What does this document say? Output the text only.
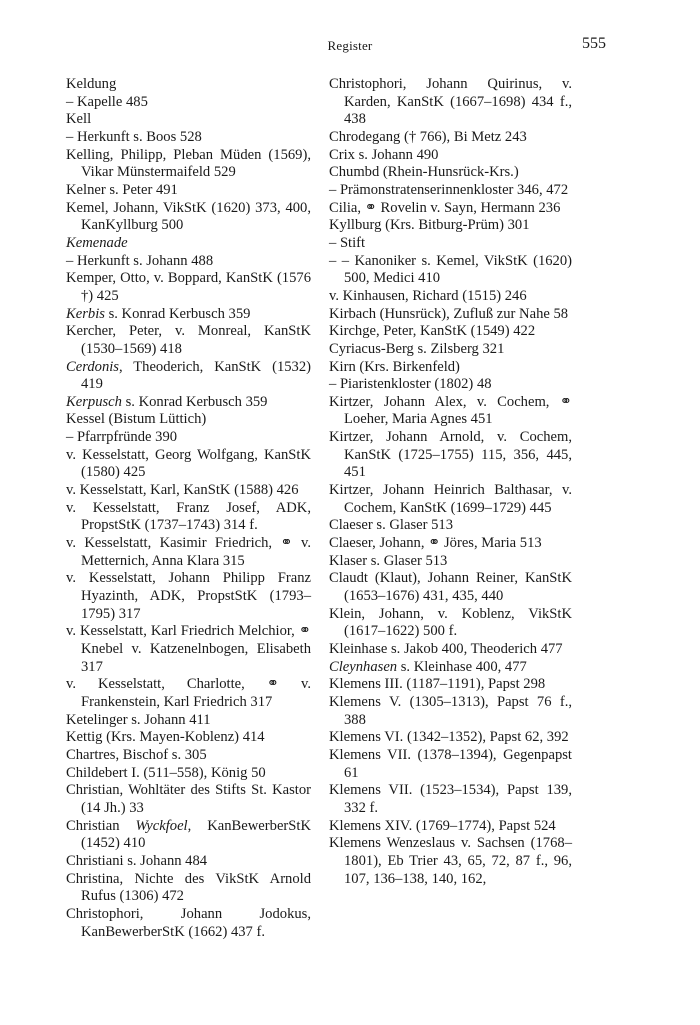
Register	555
Keldung
– Kapelle 485
Kell
– Herkunft s. Boos 528
Kelling, Philipp, Pleban Müden (1569), Vikar Münstermaifeld 529
Kelner s. Peter 491
Kemel, Johann, VikStK (1620) 373, 400, KanKyllburg 500
Kemenade
– Herkunft s. Johann 488
Kemper, Otto, v. Boppard, KanStK (1576 †) 425
Kerbis s. Konrad Kerbusch 359
Kercher, Peter, v. Monreal, KanStK (1530–1569) 418
Cerdonis, Theoderich, KanStK (1532) 419
Kerpusch s. Konrad Kerbusch 359
Kessel (Bistum Lüttich)
– Pfarrpfründe 390
v. Kesselstatt, Georg Wolfgang, KanStK (1580) 425
v. Kesselstatt, Karl, KanStK (1588) 426
v. Kesselstatt, Franz Josef, ADK, PropstStK (1737–1743) 314 f.
v. Kesselstatt, Kasimir Friedrich, ⚭ v. Metternich, Anna Klara 315
v. Kesselstatt, Johann Philipp Franz Hyazinth, ADK, PropstStK (1793–1795) 317
v. Kesselstatt, Karl Friedrich Melchior, ⚭ Knebel v. Katzenelnbogen, Elisabeth 317
v. Kesselstatt, Charlotte, ⚭ v. Frankenstein, Karl Friedrich 317
Ketelinger s. Johann 411
Kettig (Krs. Mayen-Koblenz) 414
Chartres, Bischof s. 305
Childebert I. (511–558), König 50
Christian, Wohltäter des Stifts St. Kastor (14 Jh.) 33
Christian Wyckfoel, KanBewerberStK (1452) 410
Christiani s. Johann 484
Christina, Nichte des VikStK Arnold Rufus (1306) 472
Christophori, Johann Jodokus, KanBewerberStK (1662) 437 f.
Christophori, Johann Quirinus, v. Karden, KanStK (1667–1698) 434 f., 438
Chrodegang († 766), Bi Metz 243
Crix s. Johann 490
Chumbd (Rhein-Hunsrück-Krs.)
– Prämonstratenserinnenkloster 346, 472
Cilia, ⚭ Rovelin v. Sayn, Hermann 236
Kyllburg (Krs. Bitburg-Prüm) 301
– Stift
– – Kanoniker s. Kemel, VikStK (1620) 500, Medici 410
v. Kinhausen, Richard (1515) 246
Kirbach (Hunsrück), Zufluß zur Nahe 58
Kirchge, Peter, KanStK (1549) 422
Cyriacus-Berg s. Zilsberg 321
Kirn (Krs. Birkenfeld)
– Piaristenkloster (1802) 48
Kirtzer, Johann Alex, v. Cochem, ⚭ Loeher, Maria Agnes 451
Kirtzer, Johann Arnold, v. Cochem, KanStK (1725–1755) 115, 356, 445, 451
Kirtzer, Johann Heinrich Balthasar, v. Cochem, KanStK (1699–1729) 445
Claeser s. Glaser 513
Claeser, Johann, ⚭ Jöres, Maria 513
Klaser s. Glaser 513
Claudt (Klaut), Johann Reiner, KanStK (1653–1676) 431, 435, 440
Klein, Johann, v. Koblenz, VikStK (1617–1622) 500 f.
Kleinhase s. Jakob 400, Theoderich 477
Cleynhasen s. Kleinhase 400, 477
Klemens III. (1187–1191), Papst 298
Klemens V. (1305–1313), Papst 76 f., 388
Klemens VI. (1342–1352), Papst 62, 392
Klemens VII. (1378–1394), Gegenpapst 61
Klemens VII. (1523–1534), Papst 139, 332 f.
Klemens XIV. (1769–1774), Papst 524
Klemens Wenzeslaus v. Sachsen (1768–1801), Eb Trier 43, 65, 72, 87 f., 96, 107, 136–138, 140, 162,
